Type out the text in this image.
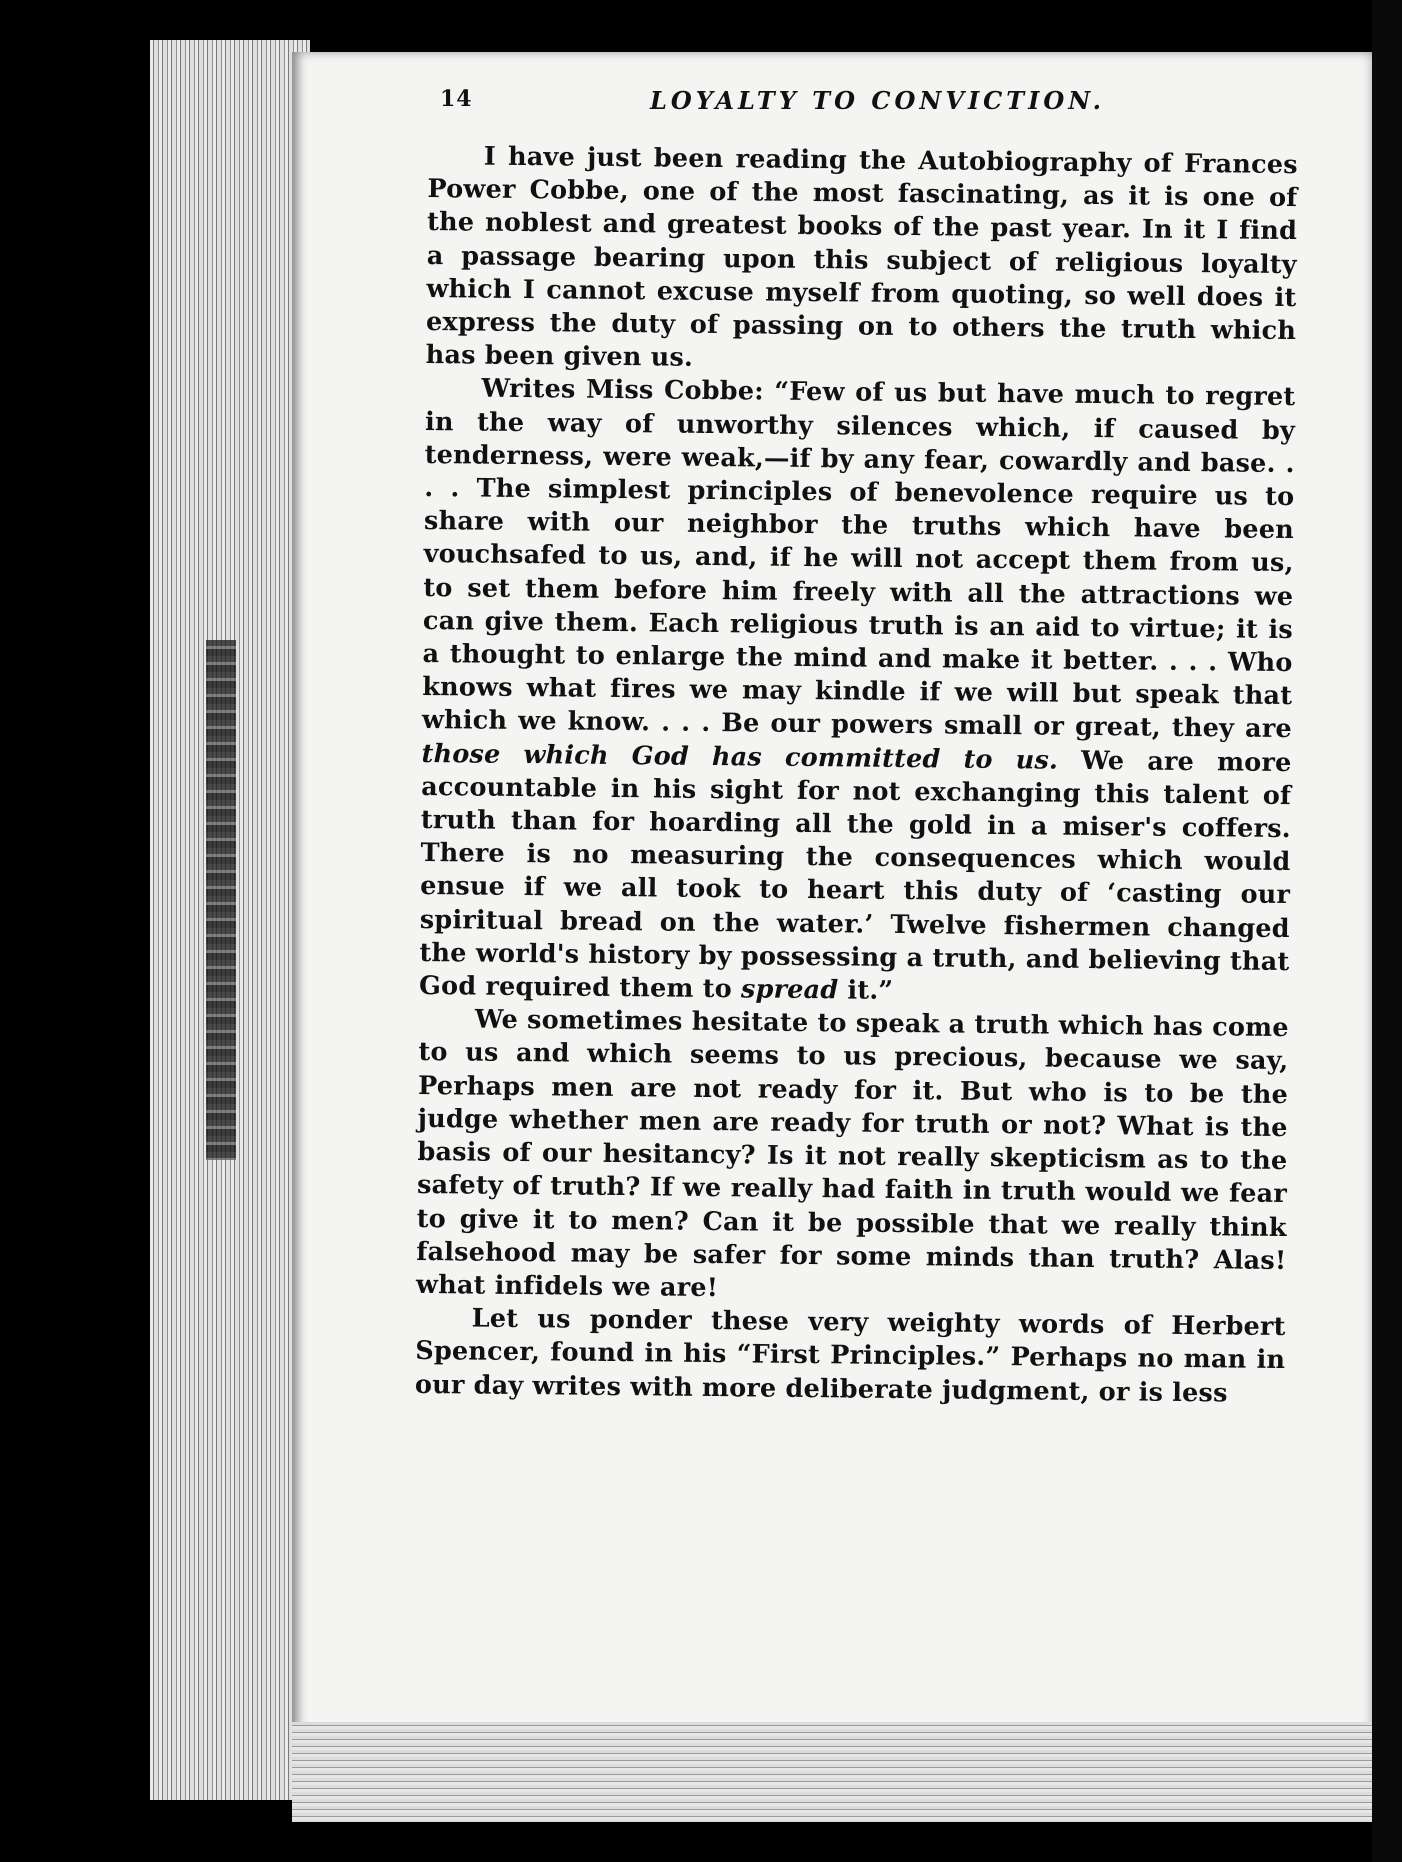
14	LOYALTY TO CONVICTION.

I have just been reading the Autobiography of Frances Power Cobbe, one of the most fascinating, as it is one of the noblest and greatest books of the past year. In it I find a passage bearing upon this subject of religious loyalty which I cannot excuse myself from quoting, so well does it express the duty of passing on to others the truth which has been given us.

Writes Miss Cobbe: “Few of us but have much to regret in the way of unworthy silences which, if caused by tenderness, were weak,—if by any fear, cowardly and base. . . . The simplest principles of benevolence require us to share with our neighbor the truths which have been vouchsafed to us, and, if he will not accept them from us, to set them before him freely with all the attractions we can give them. Each religious truth is an aid to virtue; it is a thought to enlarge the mind and make it better. . . . Who knows what fires we may kindle if we will but speak that which we know. . . . Be our powers small or great, they are those which God has committed to us. We are more accountable in his sight for not exchanging this talent of truth than for hoarding all the gold in a miser's coffers. There is no measuring the consequences which would ensue if we all took to heart this duty of ‘casting our spiritual bread on the water.’ Twelve fishermen changed the world's history by possessing a truth, and believing that God required them to spread it.”

We sometimes hesitate to speak a truth which has come to us and which seems to us precious, because we say, Perhaps men are not ready for it. But who is to be the judge whether men are ready for truth or not? What is the basis of our hesitancy? Is it not really skepticism as to the safety of truth? If we really had faith in truth would we fear to give it to men? Can it be possible that we really think falsehood may be safer for some minds than truth? Alas! what infidels we are!

Let us ponder these very weighty words of Herbert Spencer, found in his “First Principles.” Perhaps no man in our day writes with more deliberate judgment, or is less
